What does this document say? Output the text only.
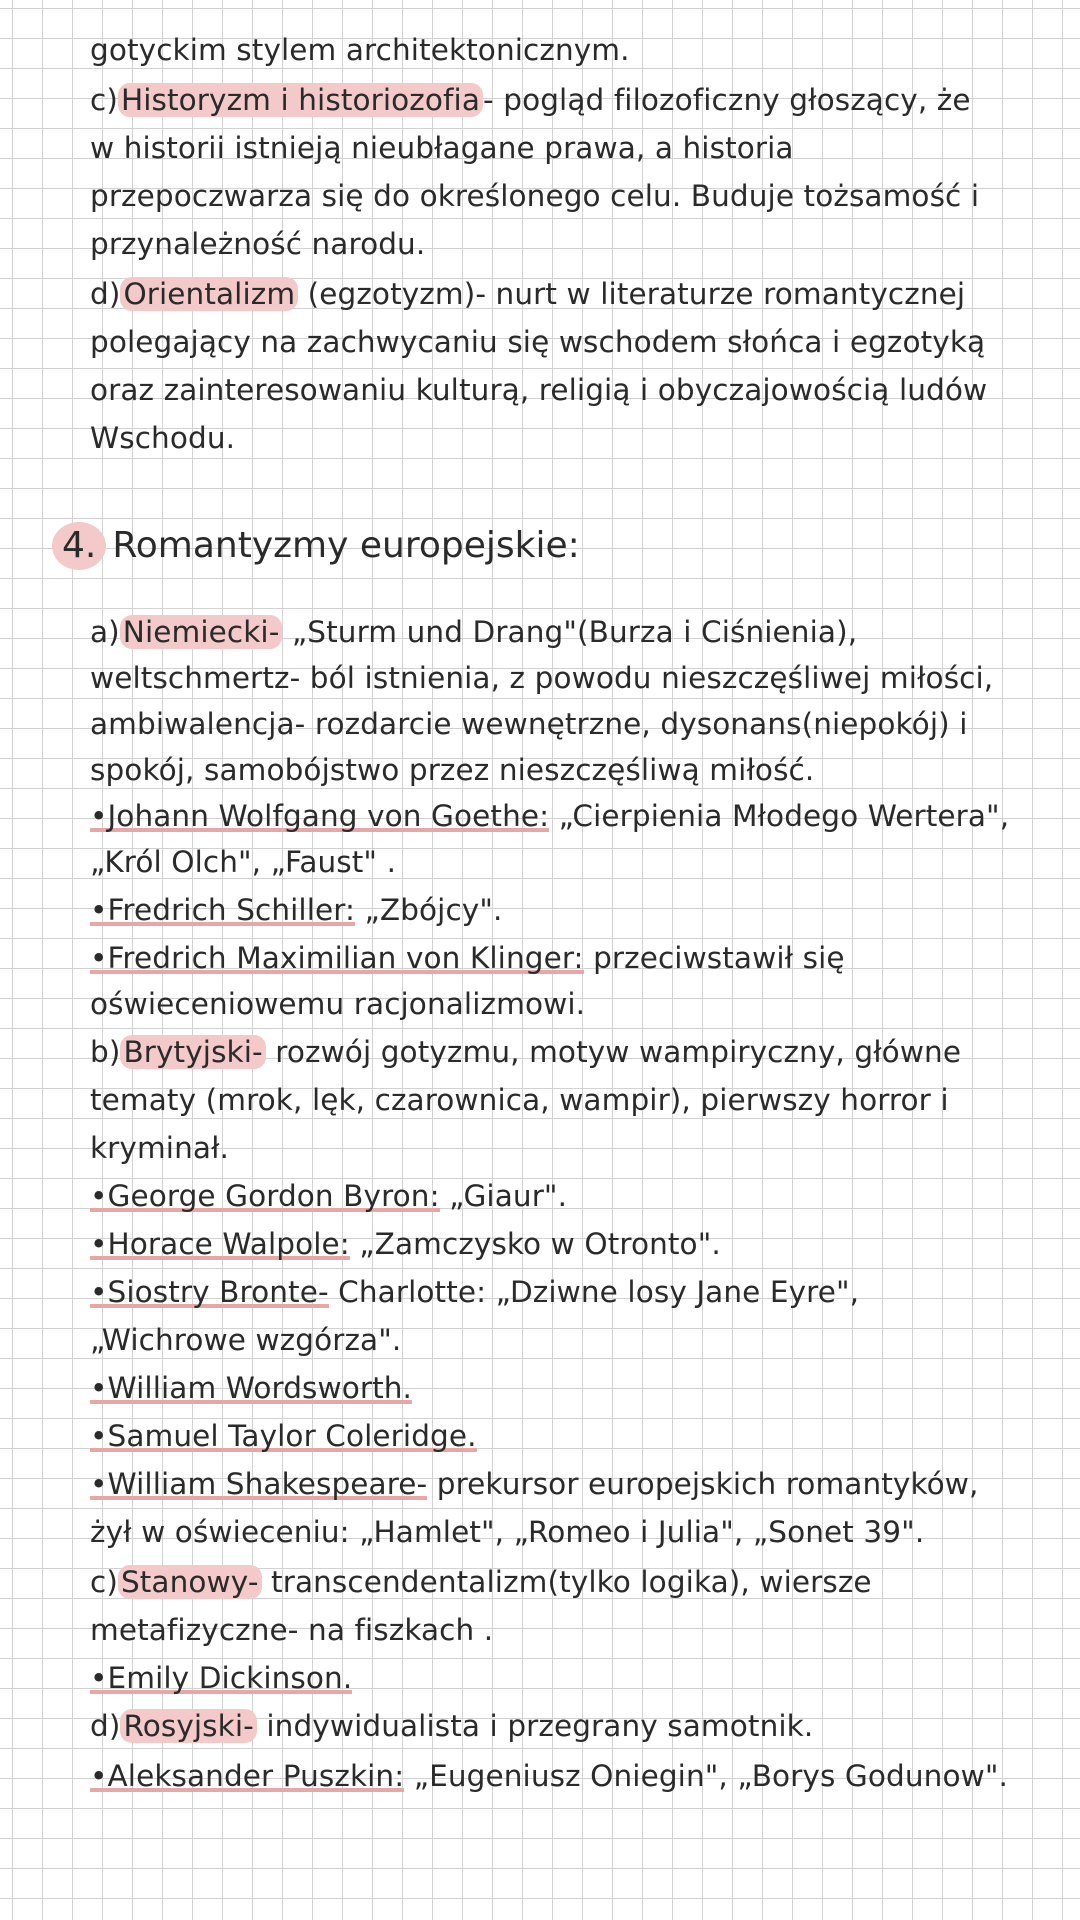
gotyckim stylem architektonicznym.
c) Historyzm i historiozofia - pogląd filozoficzny głoszący, że
w historii istnieją nieubłagane prawa, a historia
przepoczwarza się do określonego celu. Buduje tożsamość i
przynależność narodu.
d) Orientalizm (egzotyzm)- nurt w literaturze romantycznej
polegający na zachwycaniu się wschodem słońca i egzotyką
oraz zainteresowaniu kulturą, religią i obyczajowością ludów
Wschodu.
4. Romantyzmy europejskie:
a) Niemiecki- „Sturm und Drang"(Burza i Ciśnienia),
weltschmertz- ból istnienia, z powodu nieszczęśliwej miłości,
ambiwalencja- rozdarcie wewnętrzne, dysonans(niepokój) i
spokój, samobójstwo przez nieszczęśliwą miłość.
•Johann Wolfgang von Goethe: „Cierpienia Młodego Wertera",
„Król Olch", „Faust" .
•Fredrich Schiller: „Zbójcy".
•Fredrich Maximilian von Klinger: przeciwstawił się
oświeceniowemu racjonalizmowi.
b) Brytyjski- rozwój gotyzmu, motyw wampiryczny, główne
tematy (mrok, lęk, czarownica, wampir), pierwszy horror i
kryminał.
•George Gordon Byron: „Giaur".
•Horace Walpole: „Zamczysko w Otronto".
•Siostry Bronte- Charlotte: „Dziwne losy Jane Eyre",
„Wichrowe wzgórza".
•William Wordsworth.
•Samuel Taylor Coleridge.
•William Shakespeare- prekursor europejskich romantyków,
żył w oświeceniu: „Hamlet", „Romeo i Julia", „Sonet 39".
c) Stanowy- transcendentalizm(tylko logika), wiersze
metafizyczne- na fiszkach .
•Emily Dickinson.
d) Rosyjski- indywidualista i przegrany samotnik.
•Aleksander Puszkin: „Eugeniusz Oniegin", „Borys Godunow".
